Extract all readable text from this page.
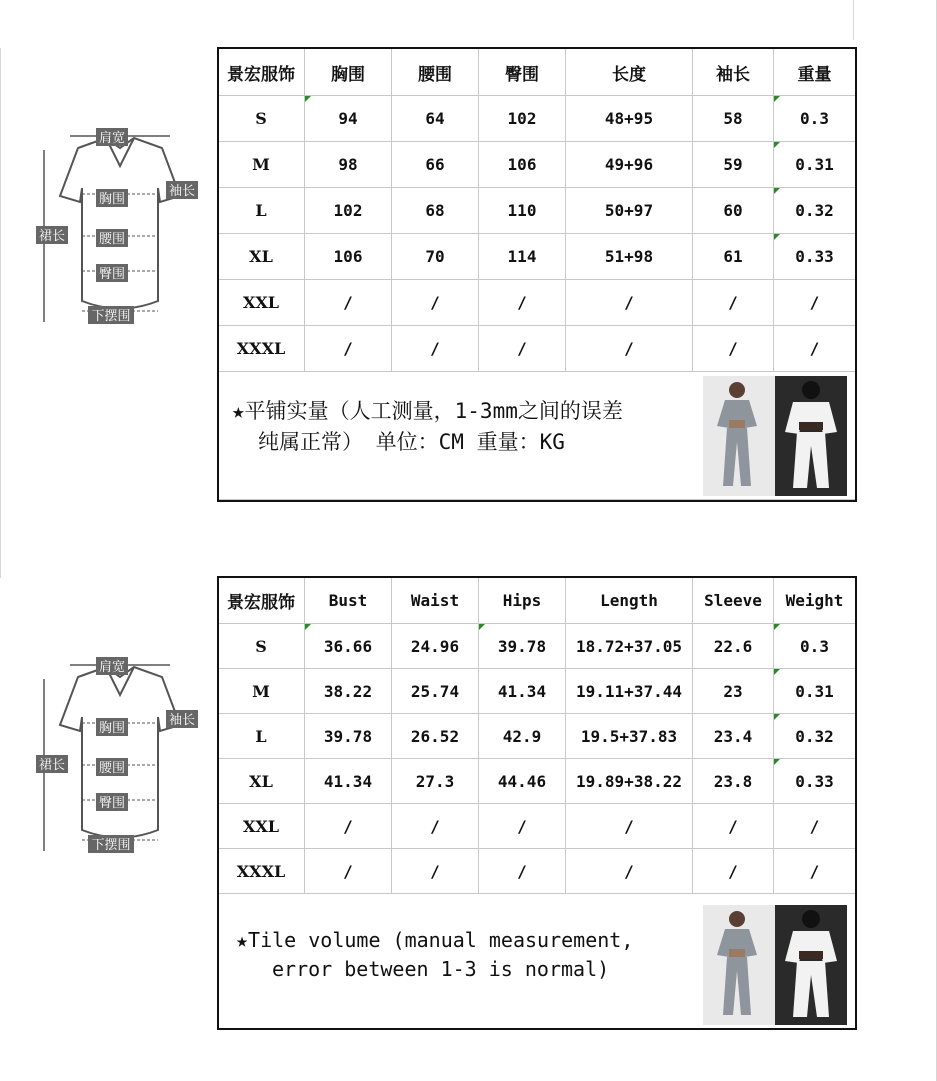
肩宽
胸围
袖长
裙长	腰围
臀围
下摆围
景宏服饰	胸围	腰围	臀围	长度	袖长	重量
S	94	64	102	48+95	58	0.3
M	98	66	106	49+96	59	0.31
L	102	68	110	50+97	60	0.32
XL	106	70	114	51+98	61	0.33
XXL	/	/	/	/	/	/
XXXL	/	/	/	/	/	/

★平铺实量（人工测量，1-3mm之间的误差
纯属正常） 单位：CM 重量：KG						
肩宽
胸围
袖长
裙长	腰围
臀围
下摆围
景宏服饰	Bust	Waist	Hips	Length	Sleeve	Weight
S	36.66	24.96	39.78	18.72+37.05	22.6	0.3
M	38.22	25.74	41.34	19.11+37.44	23	0.31
L	39.78	26.52	42.9	19.5+37.83	23.4	0.32
XL	41.34	27.3	44.46	19.89+38.22	23.8	0.33
XXL	/	/	/	/	/	/
XXXL	/	/	/	/	/	/

★Tile volume (manual measurement,
error between 1-3 is normal)						
